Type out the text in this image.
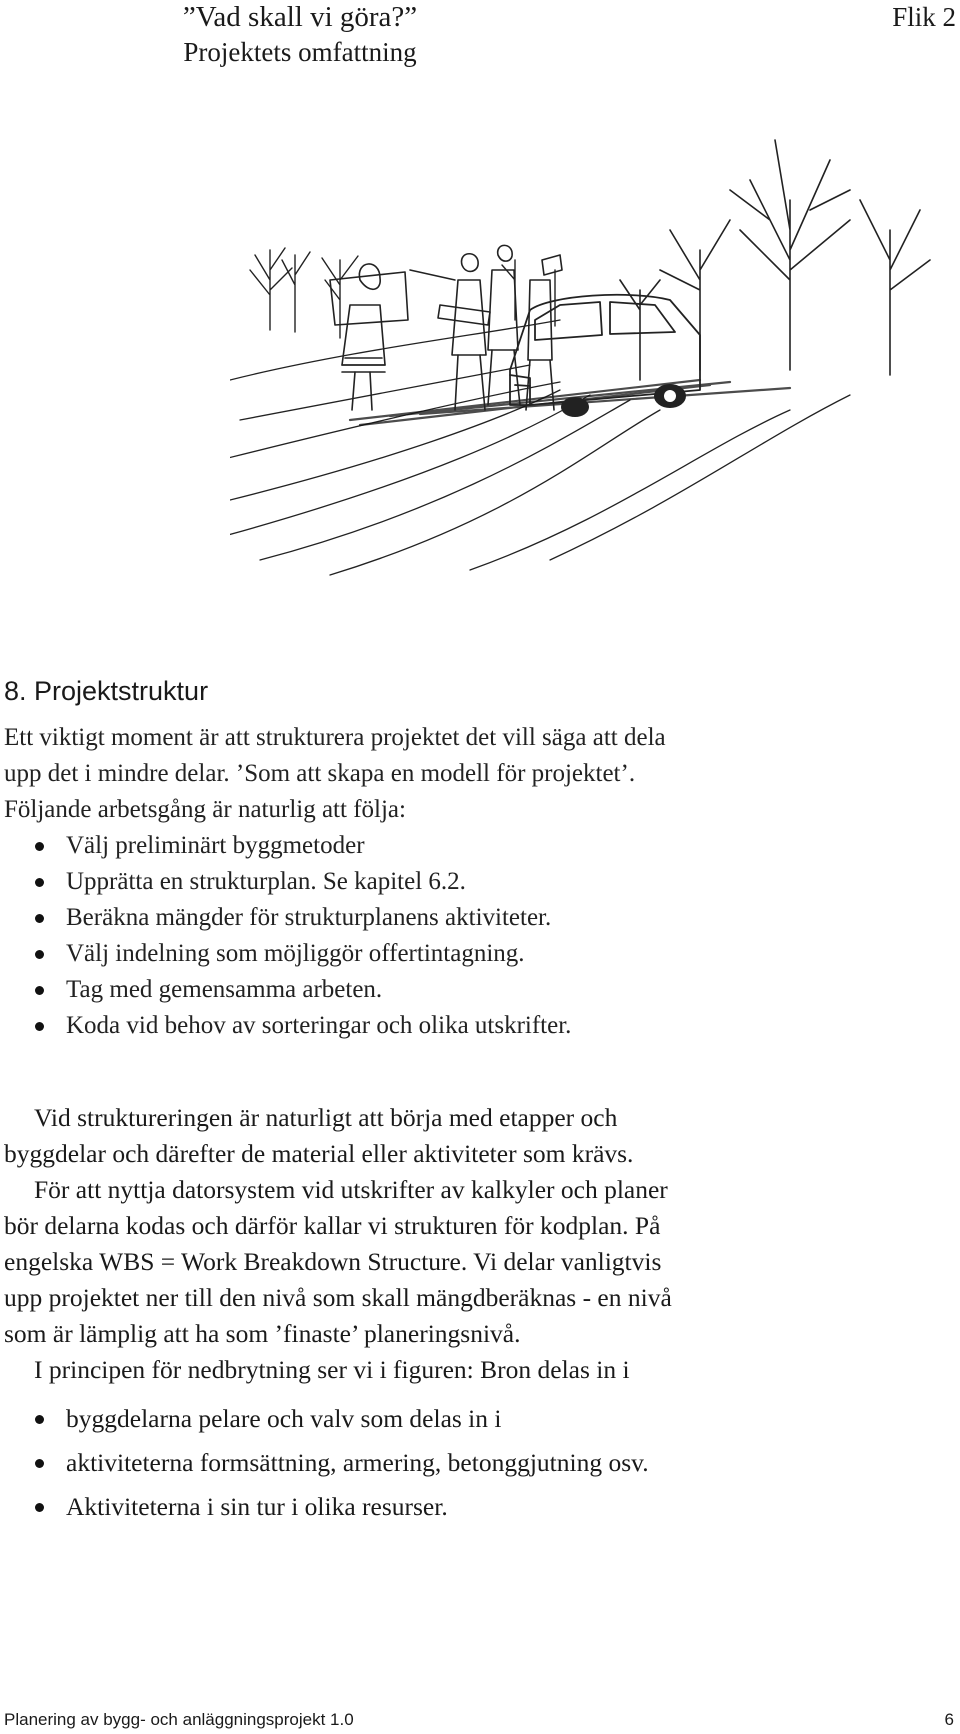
”Vad skall vi göra?”
Projektets omfattning
Flik 2
8. Projektstruktur

Ett viktigt moment är att strukturera projektet det vill säga att dela

upp det i mindre delar. ’Som att skapa en modell för projektet’.

Följande arbetsgång är naturlig att följa:

Välj preliminärt byggmetoder
Upprätta en strukturplan. Se kapitel 6.2.
Beräkna mängder för strukturplanens aktiviteter.
Välj indelning som möjliggör offertintagning.
Tag med gemensamma arbeten.
Koda vid behov av sorteringar och olika utskrifter.

Vid struktureringen är naturligt att börja med etapper och

byggdelar och därefter de material eller aktiviteter som krävs.

För att nyttja datorsystem vid utskrifter av kalkyler och planer

bör delarna kodas och därför kallar vi strukturen för kodplan. På

engelska WBS = Work Breakdown Structure. Vi delar vanligtvis

upp projektet ner till den nivå som skall mängdberäknas - en nivå

som är lämplig att ha som ’finaste’ planeringsnivå.

I principen för nedbrytning ser vi i figuren: Bron delas in i

byggdelarna pelare och valv som delas in i
aktiviteterna formsättning, armering, betonggjutning osv.
Aktiviteterna i sin tur i olika resurser.
Planering av bygg- och anläggningsprojekt 1.0	6
